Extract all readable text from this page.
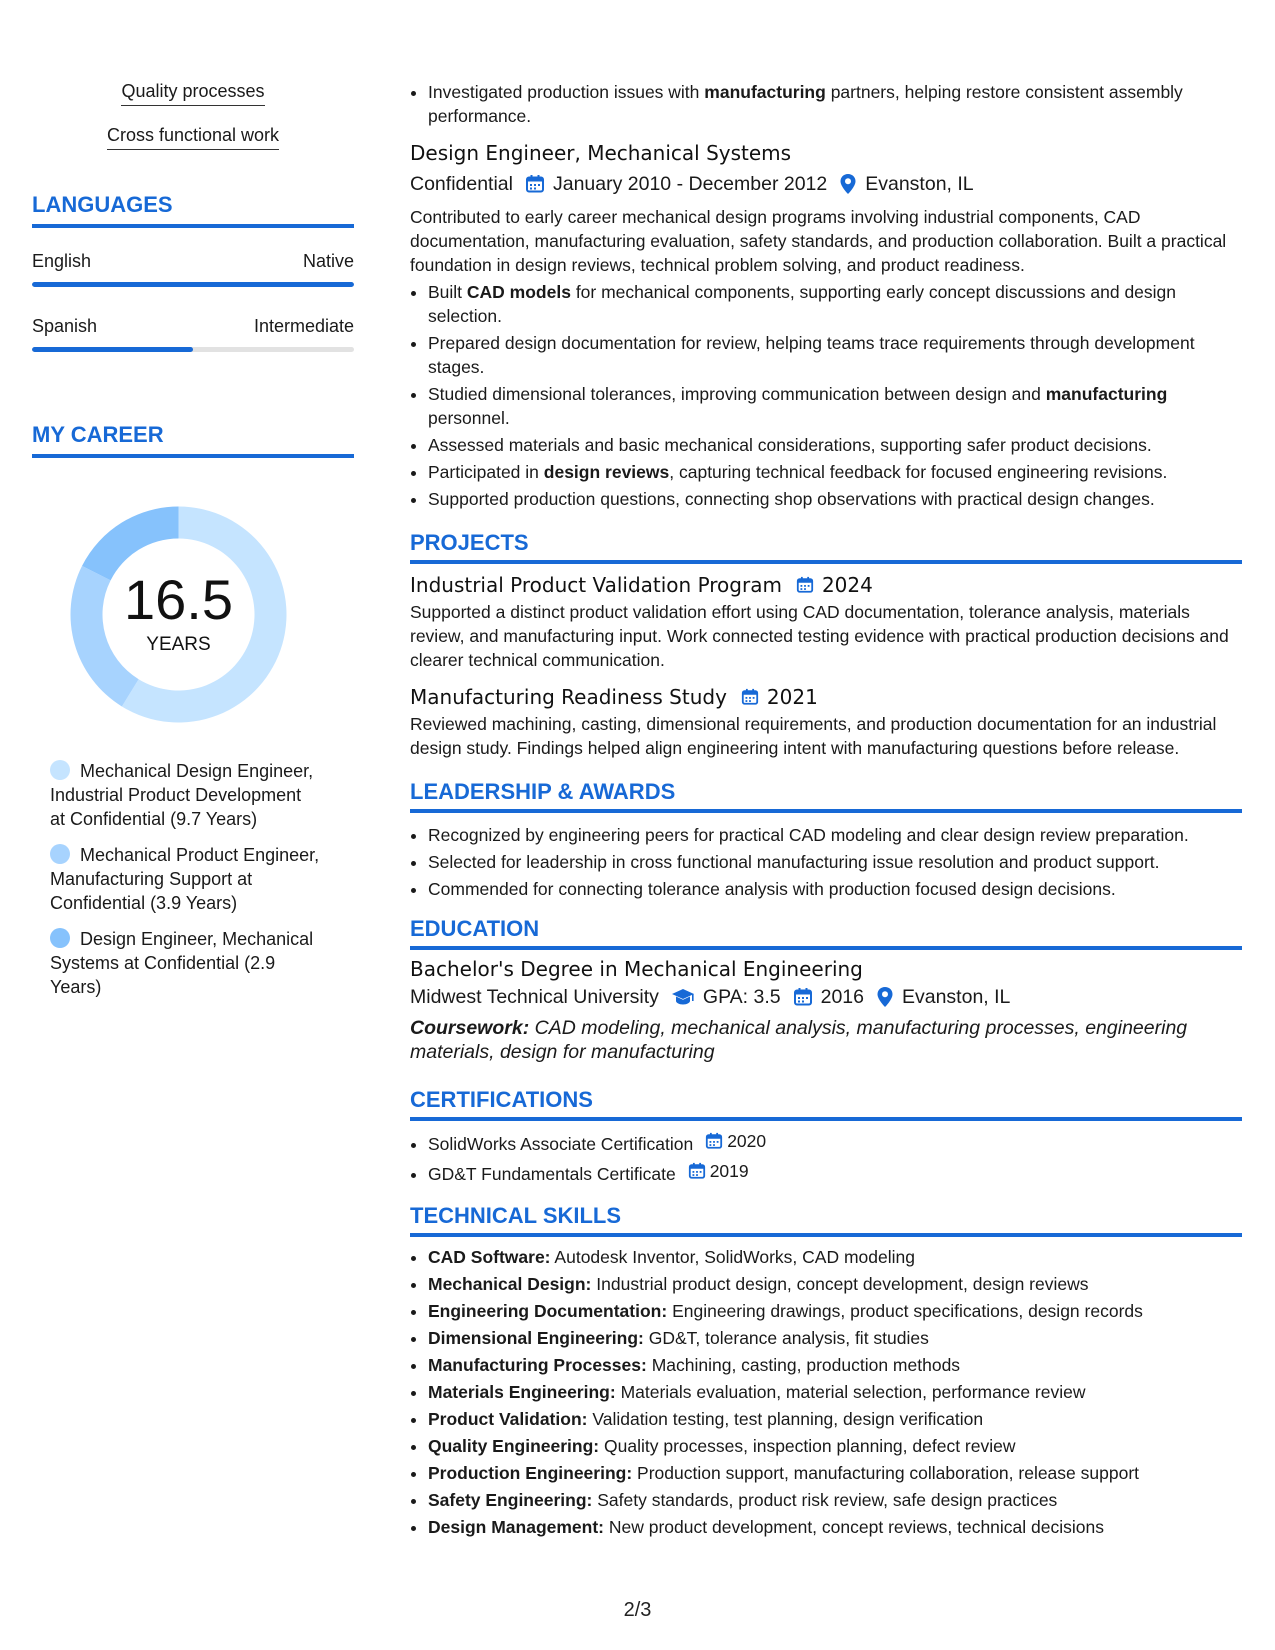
Quality processes
Cross functional work
LANGUAGES
English	Native
Spanish	Intermediate
MY CAREER
16.5
YEARS
Mechanical Design Engineer, Industrial Product Development at Confidential (9.7 Years)
Mechanical Product Engineer, Manufacturing Support at Confidential (3.9 Years)
Design Engineer, Mechanical Systems at Confidential (2.9 Years)
• Investigated production issues with manufacturing partners, helping restore consistent assembly performance.
Design Engineer, Mechanical Systems
Confidential January 2010 - December 2012 Evanston, IL
Contributed to early career mechanical design programs involving industrial components, CAD documentation, manufacturing evaluation, safety standards, and production collaboration. Built a practical foundation in design reviews, technical problem solving, and product readiness.
• Built CAD models for mechanical components, supporting early concept discussions and design selection.
• Prepared design documentation for review, helping teams trace requirements through development stages.
• Studied dimensional tolerances, improving communication between design and manufacturing personnel.
• Assessed materials and basic mechanical considerations, supporting safer product decisions.
• Participated in design reviews, capturing technical feedback for focused engineering revisions.
• Supported production questions, connecting shop observations with practical design changes.
PROJECTS
Industrial Product Validation Program 2024
Supported a distinct product validation effort using CAD documentation, tolerance analysis, materials review, and manufacturing input. Work connected testing evidence with practical production decisions and clearer technical communication.
Manufacturing Readiness Study 2021
Reviewed machining, casting, dimensional requirements, and production documentation for an industrial design study. Findings helped align engineering intent with manufacturing questions before release.
LEADERSHIP & AWARDS
• Recognized by engineering peers for practical CAD modeling and clear design review preparation.
• Selected for leadership in cross functional manufacturing issue resolution and product support.
• Commended for connecting tolerance analysis with production focused design decisions.
EDUCATION
Bachelor's Degree in Mechanical Engineering
Midwest Technical University GPA: 3.5 2016 Evanston, IL
Coursework: CAD modeling, mechanical analysis, manufacturing processes, engineering materials, design for manufacturing
CERTIFICATIONS
• SolidWorks Associate Certification 2020
• GD&T Fundamentals Certificate 2019
TECHNICAL SKILLS
• CAD Software: Autodesk Inventor, SolidWorks, CAD modeling
• Mechanical Design: Industrial product design, concept development, design reviews
• Engineering Documentation: Engineering drawings, product specifications, design records
• Dimensional Engineering: GD&T, tolerance analysis, fit studies
• Manufacturing Processes: Machining, casting, production methods
• Materials Engineering: Materials evaluation, material selection, performance review
• Product Validation: Validation testing, test planning, design verification
• Quality Engineering: Quality processes, inspection planning, defect review
• Production Engineering: Production support, manufacturing collaboration, release support
• Safety Engineering: Safety standards, product risk review, safe design practices
• Design Management: New product development, concept reviews, technical decisions
2/3
